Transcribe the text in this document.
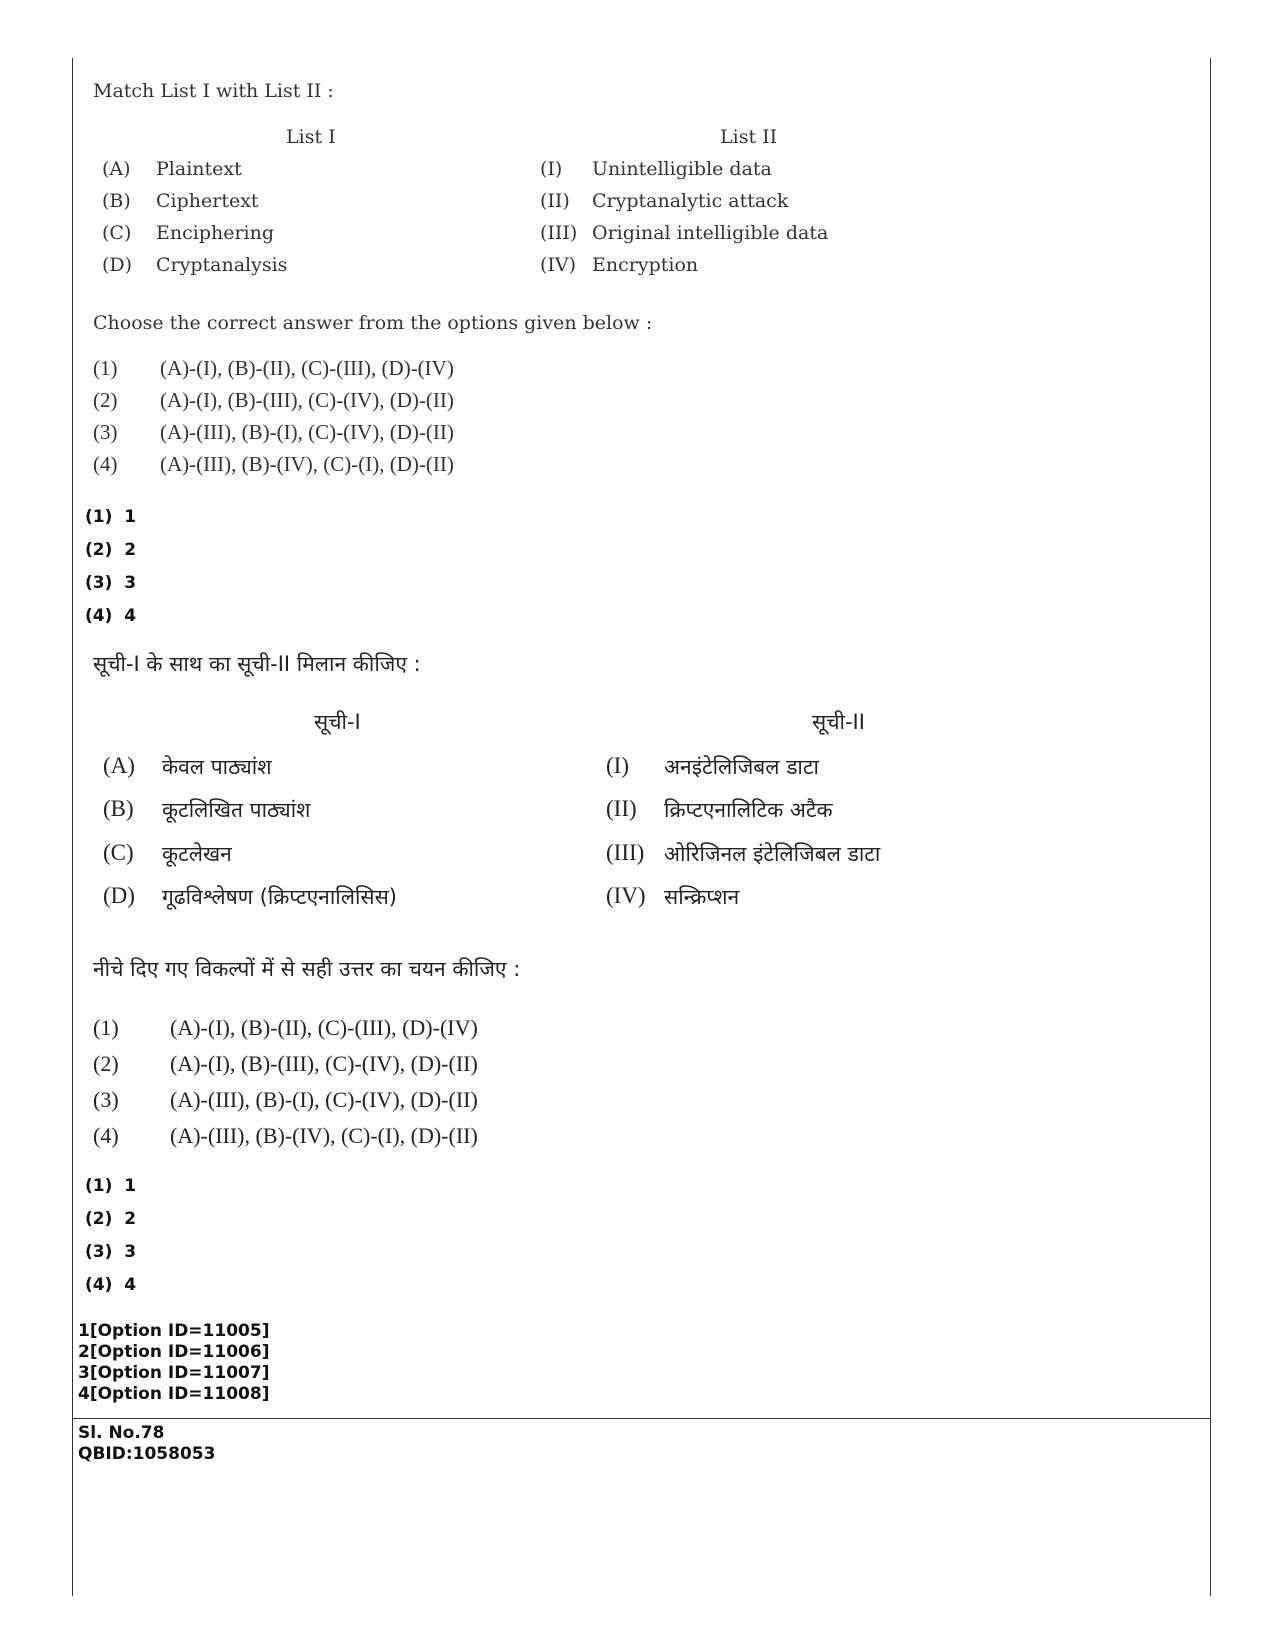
Match List I with List II :
List I	List II
(A) Plaintext
(B) Ciphertext
(C) Enciphering
(D) Cryptanalysis
(I) Unintelligible data
(II) Cryptanalytic attack
(III) Original intelligible data
(IV) Encryption
Choose the correct answer from the options given below :
(1) (A)-(I), (B)-(II), (C)-(III), (D)-(IV)
(2) (A)-(I), (B)-(III), (C)-(IV), (D)-(II)
(3) (A)-(III), (B)-(I), (C)-(IV), (D)-(II)
(4) (A)-(III), (B)-(IV), (C)-(I), (D)-(II)
(1) 1
(2) 2
(3) 3
(4) 4
सूची-I के साथ का सूची-II मिलान कीजिए :
सूची-I	सूची-II
(A) केवल पाठ्यांश
(B) कूटलिखित पाठ्यांश
(C) कूटलेखन
(D) गूढविश्लेषण (क्रिप्टएनालिसिस)
(I) अनइंटेलिजिबल डाटा
(II) क्रिप्टएनालिटिक अटैक
(III) ओरिजिनल इंटेलिजिबल डाटा
(IV) सन्क्रिप्शन
नीचे दिए गए विकल्पों में से सही उत्तर का चयन कीजिए :
(1) (A)-(I), (B)-(II), (C)-(III), (D)-(IV)
(2) (A)-(I), (B)-(III), (C)-(IV), (D)-(II)
(3) (A)-(III), (B)-(I), (C)-(IV), (D)-(II)
(4) (A)-(III), (B)-(IV), (C)-(I), (D)-(II)
(1) 1
(2) 2
(3) 3
(4) 4
1[Option ID=11005]
2[Option ID=11006]
3[Option ID=11007]
4[Option ID=11008]
Sl. No.78
QBID:1058053
